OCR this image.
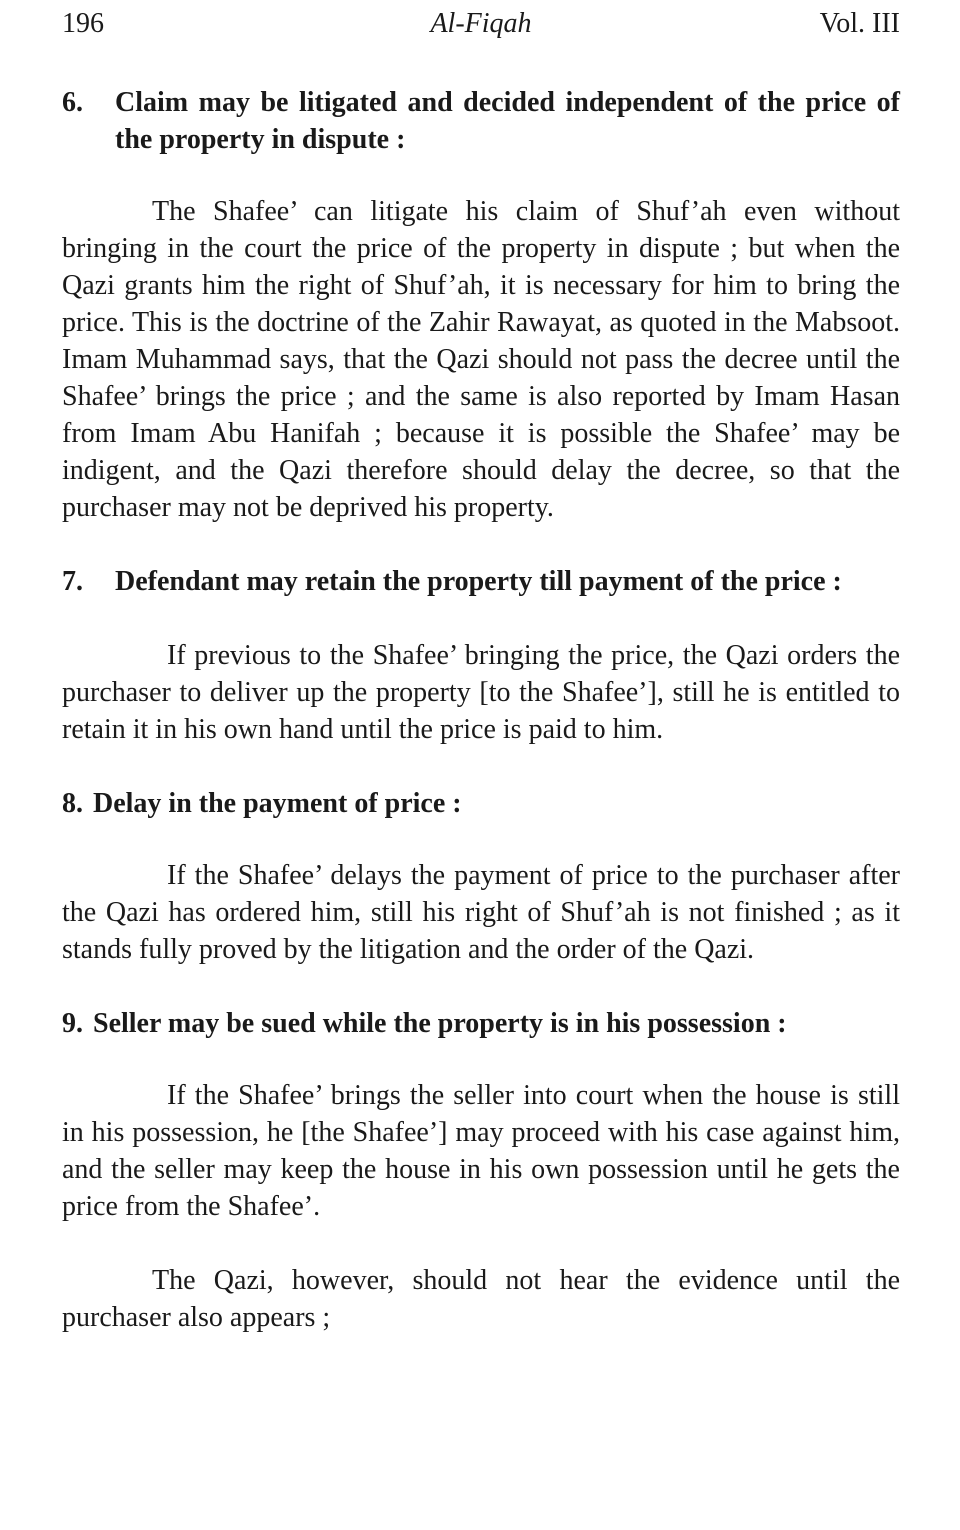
196	Al-Fiqah	Vol. III
6.	Claim may be litigated and decided independent of the price of the property in dispute :

The Shafee’ can litigate his claim of Shuf’ah even without bringing in the court the price of the property in dispute ; but when the Qazi grants him the right of Shuf’ah, it is necessary for him to bring the price. This is the doctrine of the Zahir Rawayat, as quoted in the Mabsoot. Imam Muhammad says, that the Qazi should not pass the decree until the Shafee’ brings the price ; and the same is also reported by Imam Hasan from Imam Abu Hanifah ; because it is possible the Shafee’ may be indigent, and the Qazi therefore should delay the decree, so that the purchaser may not be deprived his property.

7.	Defendant may retain the property till payment of the price :

If previous to the Shafee’ bringing the price, the Qazi orders the purchaser to deliver up the property [to the Shafee’], still he is entitled to retain it in his own hand until the price is paid to him.

8. Delay in the payment of price :

If the Shafee’ delays the payment of price to the purchaser after the Qazi has ordered him, still his right of Shuf’ah is not finished ; as it stands fully proved by the litigation and the order of the Qazi.

9. Seller may be sued while the property is in his possession :

If the Shafee’ brings the seller into court when the house is still in his possession, he [the Shafee’] may proceed with his case against him, and the seller may keep the house in his own possession until he gets the price from the Shafee’.

The Qazi, however, should not hear the evidence until the purchaser also appears ;
